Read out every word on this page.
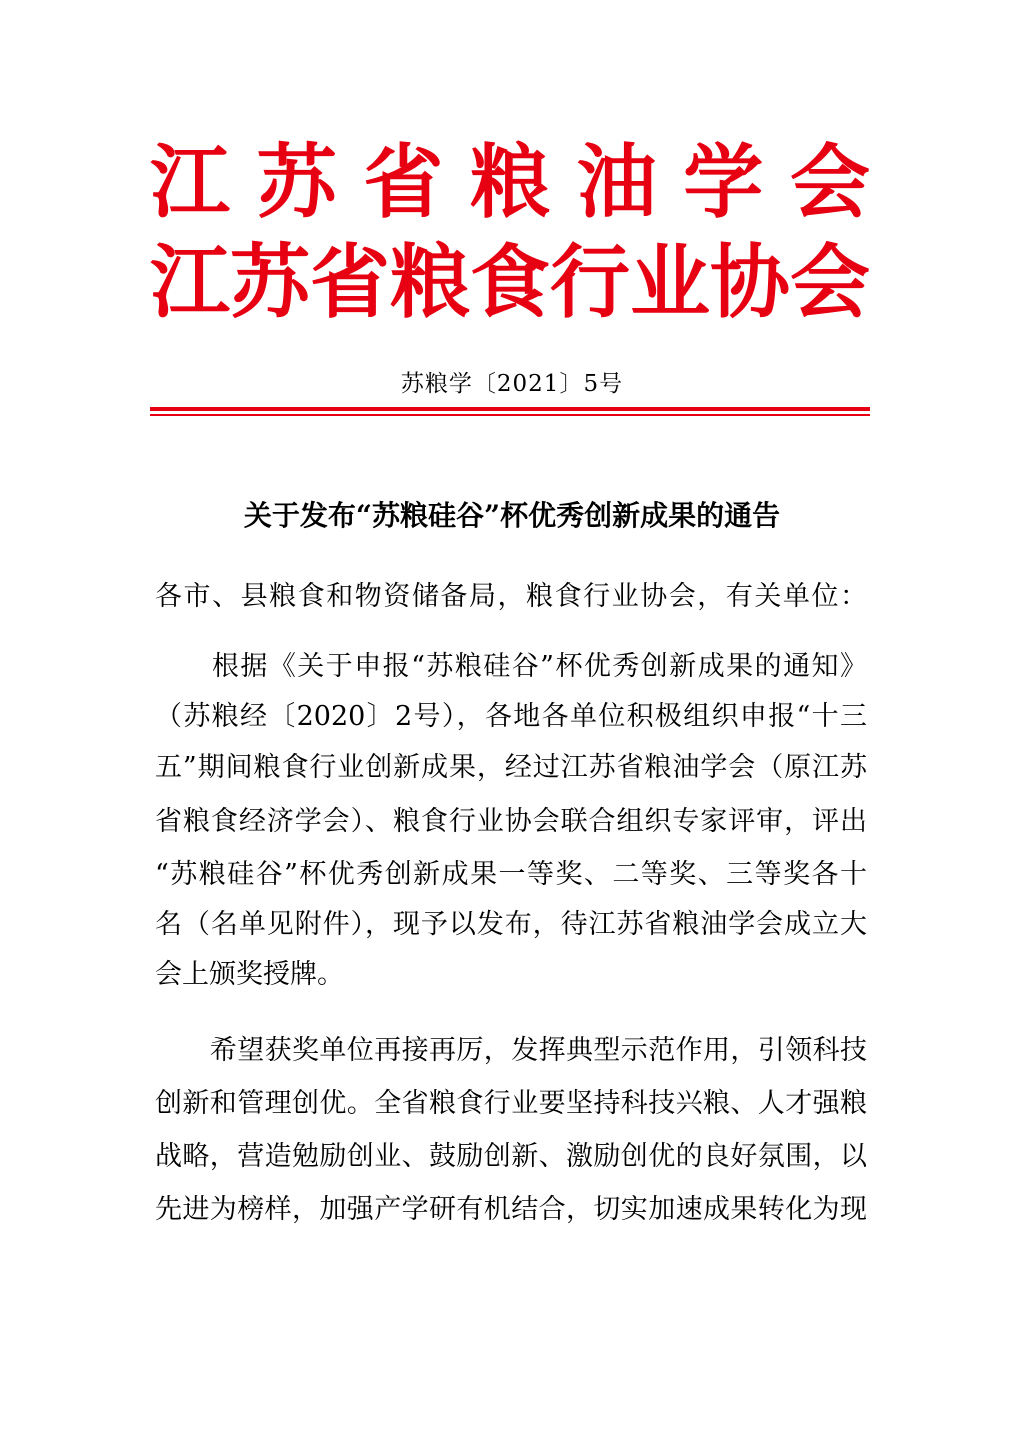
江 苏 省 粮 油 学 会
江 苏 省 粮 食 行 业 协 会
苏粮学〔2021〕5号
关于发布“苏粮硅谷”杯优秀创新成果的通告
各市、县粮食和物资储备局，粮食行业协会，有关单位：
　　根据《关于申报“苏粮硅谷”杯优秀创新成果的通知》
（苏粮经〔2020〕2号），各地各单位积极组织申报“十三
五”期间粮食行业创新成果，经过江苏省粮油学会（原江苏
省粮食经济学会）、粮食行业协会联合组织专家评审，评出
“苏粮硅谷”杯优秀创新成果一等奖、二等奖、三等奖各十
名（名单见附件），现予以发布，待江苏省粮油学会成立大
会上颁奖授牌。
　　希望获奖单位再接再厉，发挥典型示范作用，引领科技
创新和管理创优。全省粮食行业要坚持科技兴粮、人才强粮
战略，营造勉励创业、鼓励创新、激励创优的良好氛围，以
先进为榜样，加强产学研有机结合，切实加速成果转化为现
